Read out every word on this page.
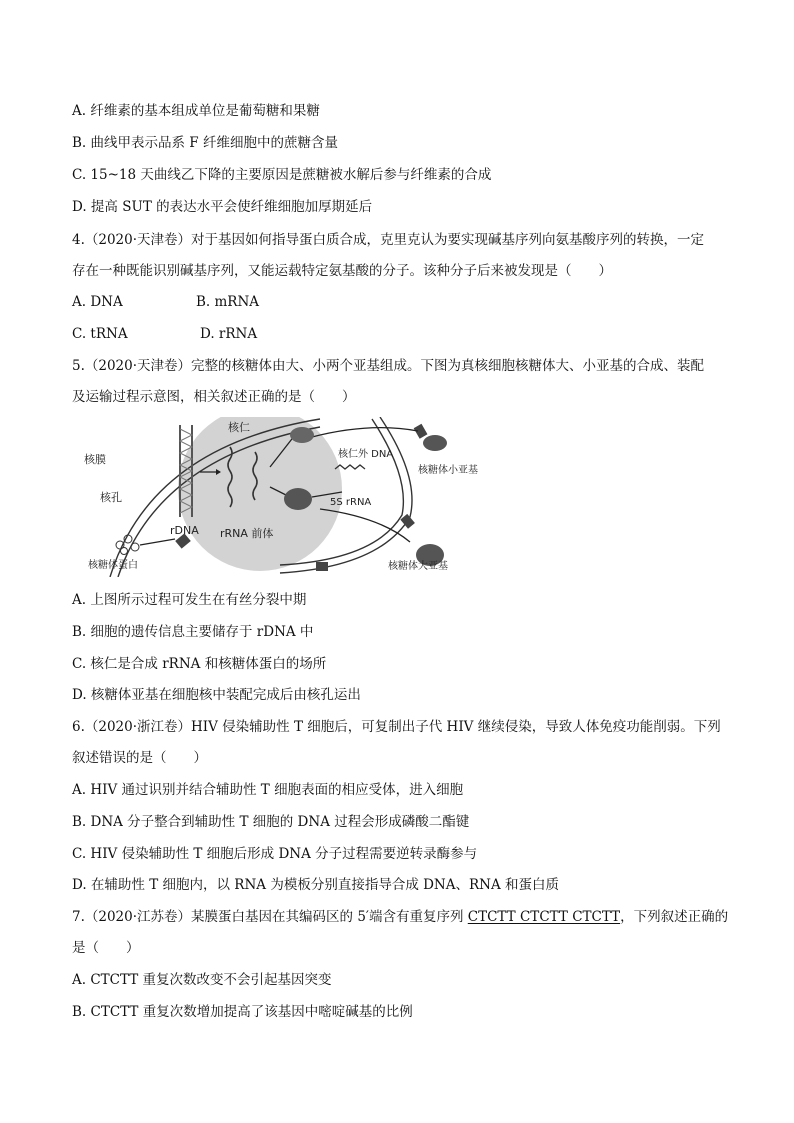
A. 纤维素的基本组成单位是葡萄糖和果糖
B. 曲线甲表示品系 F 纤维细胞中的蔗糖含量
C. 15~18 天曲线乙下降的主要原因是蔗糖被水解后参与纤维素的合成
D. 提高 SUT 的表达水平会使纤维细胞加厚期延后
4.（2020·天津卷）对于基因如何指导蛋白质合成，克里克认为要实现碱基序列向氨基酸序列的转换，一定
存在一种既能识别碱基序列，又能运载特定氨基酸的分子。该种分子后来被发现是（　　）
A. DNA	B. mRNA
C. tRNA	D. rRNA
5.（2020·天津卷）完整的核糖体由大、小两个亚基组成。下图为真核细胞核糖体大、小亚基的合成、装配
及运输过程示意图，相关叙述正确的是（　　）
核仁
核膜
核孔
rDNA rRNA 前体
核仁外 DNA
5S rRNA
核糖体小亚基
核糖体大亚基
核糖体蛋白
A. 上图所示过程可发生在有丝分裂中期
B. 细胞的遗传信息主要储存于 rDNA 中
C. 核仁是合成 rRNA 和核糖体蛋白的场所
D. 核糖体亚基在细胞核中装配完成后由核孔运出
6.（2020·浙江卷）HIV 侵染辅助性 T 细胞后，可复制出子代 HIV 继续侵染，导致人体免疫功能削弱。下列
叙述错误的是（　　）
A. HIV 通过识别并结合辅助性 T 细胞表面的相应受体，进入细胞
B. DNA 分子整合到辅助性 T 细胞的 DNA 过程会形成磷酸二酯键
C. HIV 侵染辅助性 T 细胞后形成 DNA 分子过程需要逆转录酶参与
D. 在辅助性 T 细胞内，以 RNA 为模板分别直接指导合成 DNA、RNA 和蛋白质
7.（2020·江苏卷）某膜蛋白基因在其编码区的 5′端含有重复序列 CTCTT CTCTT CTCTT，下列叙述正确的
是（　　）
A. CTCTT 重复次数改变不会引起基因突变
B. CTCTT 重复次数增加提高了该基因中嘧啶碱基的比例
